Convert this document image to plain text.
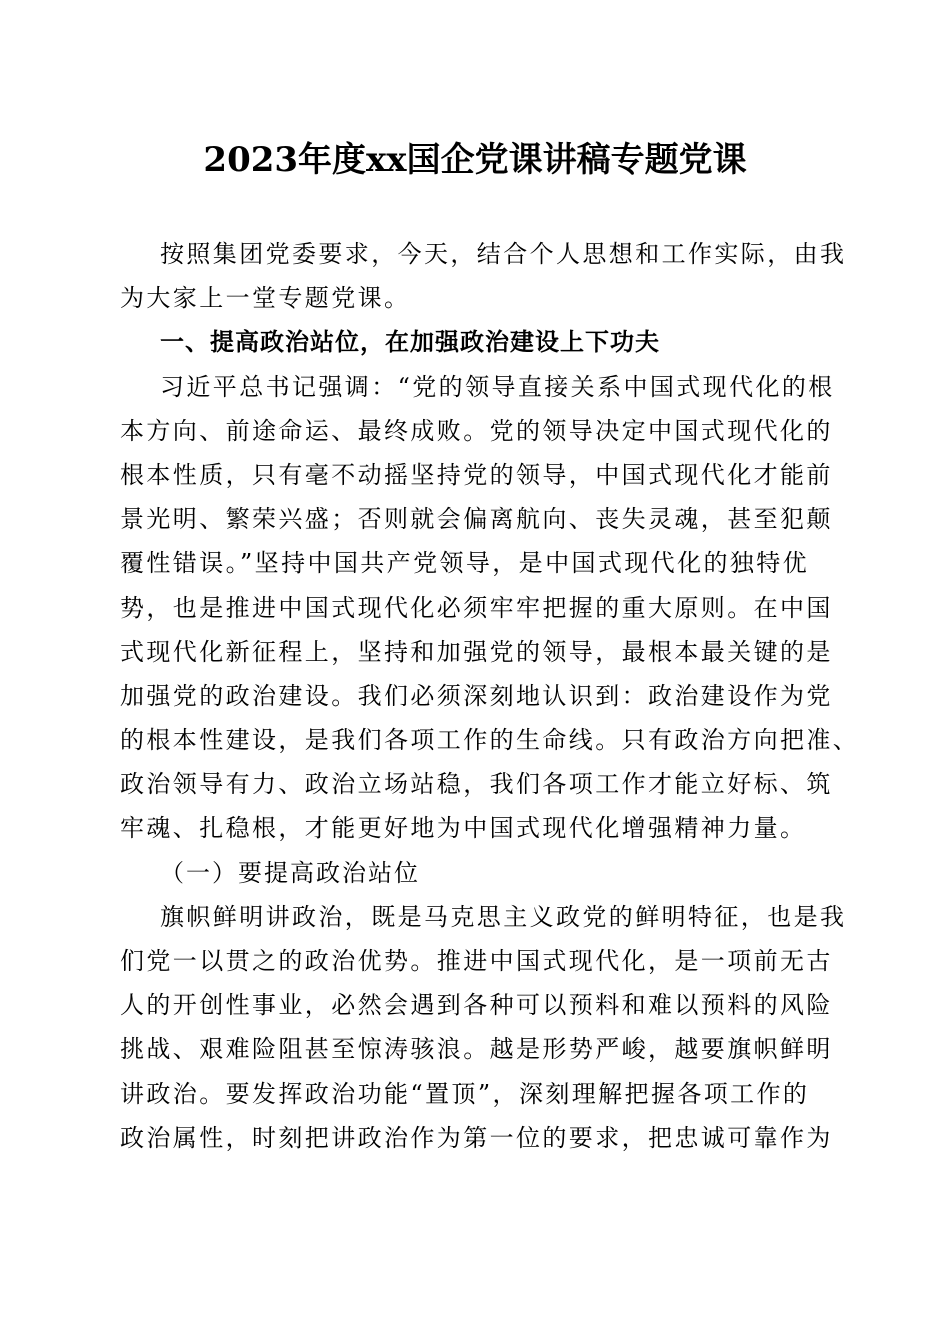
2023年度xx国企党课讲稿专题党课
按照集团党委要求，今天，结合个人思想和工作实际，由我
为大家上一堂专题党课。
一、提高政治站位，在加强政治建设上下功夫
习近平总书记强调：“党的领导直接关系中国式现代化的根
本方向、前途命运、最终成败。党的领导决定中国式现代化的
根本性质，只有毫不动摇坚持党的领导，中国式现代化才能前
景光明、繁荣兴盛；否则就会偏离航向、丧失灵魂，甚至犯颠
覆性错误。”坚持中国共产党领导，是中国式现代化的独特优
势，也是推进中国式现代化必须牢牢把握的重大原则。在中国
式现代化新征程上，坚持和加强党的领导，最根本最关键的是
加强党的政治建设。我们必须深刻地认识到：政治建设作为党
的根本性建设，是我们各项工作的生命线。只有政治方向把准、
政治领导有力、政治立场站稳，我们各项工作才能立好标、筑
牢魂、扎稳根，才能更好地为中国式现代化增强精神力量。
（一）要提高政治站位
旗帜鲜明讲政治，既是马克思主义政党的鲜明特征，也是我
们党一以贯之的政治优势。推进中国式现代化，是一项前无古
人的开创性事业，必然会遇到各种可以预料和难以预料的风险
挑战、艰难险阻甚至惊涛骇浪。越是形势严峻，越要旗帜鲜明
讲政治。要发挥政治功能“置顶”，深刻理解把握各项工作的
政治属性，时刻把讲政治作为第一位的要求，把忠诚可靠作为
